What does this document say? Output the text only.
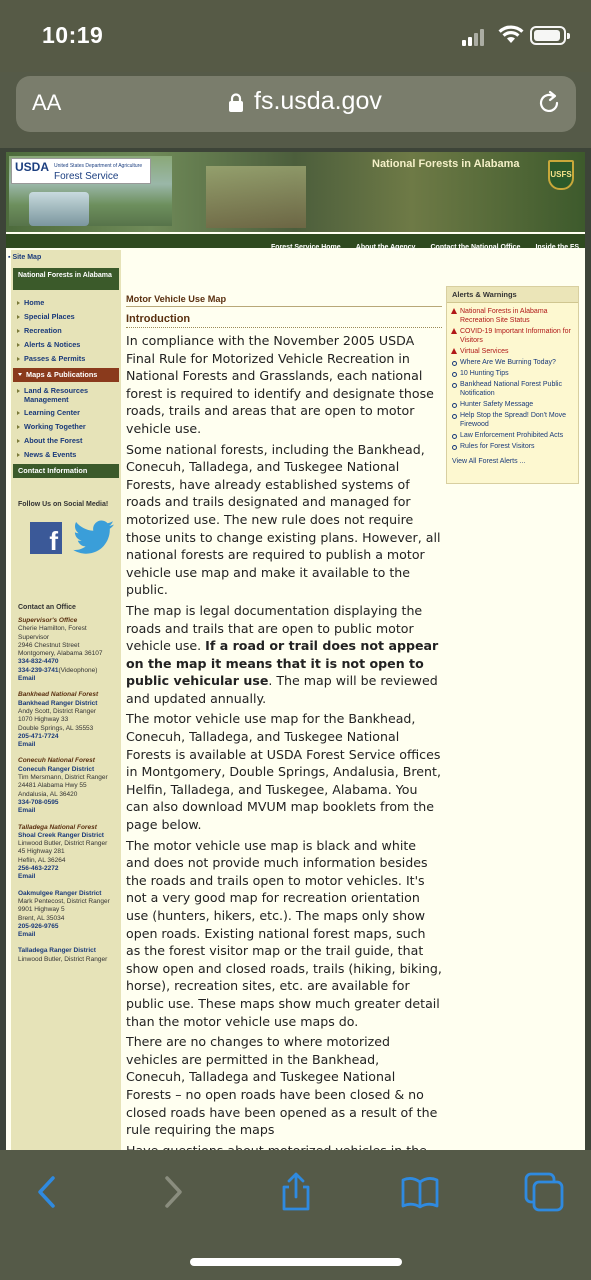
10:19
AA	fs.usda.gov
USDA United States Department of Agriculture
Forest Service
National Forests in Alabama
USFS
Forest Service Home About the Agency Contact the National Office Inside the FS
▪ Site Map
National Forests in Alabama
Home
Special Places
Recreation
Alerts & Notices
Passes & Permits
Maps & Publications
Land & Resources Management
Learning Center
Working Together
About the Forest
News & Events
Contact Information
Follow Us on Social Media!
f
Contact an Office
Supervisor's Office
Cherie Hamilton, Forest Supervisor
2946 Chestnut Street
Montgomery, Alabama 36107
334-832-4470
334-239-3741(Videophone)
Email
Bankhead National Forest
Bankhead Ranger District
Andy Scott, District Ranger
1070 Highway 33
Double Springs, AL 35553
205-471-7724
Email
Conecuh National Forest
Conecuh Ranger District
Tim Mersmann, District Ranger
24481 Alabama Hwy 55
Andalusia, AL 36420
334-708-0595
Email
Talladega National Forest
Shoal Creek Ranger District
Linwood Butler, District Ranger
45 Highway 281
Heflin, AL 36264
256-463-2272
Email
Oakmulgee Ranger District
Mark Pentecost, District Ranger
9901 Highway 5
Brent, AL 35034
205-926-9765
Email
Talladega Ranger District
Linwood Butler, District Ranger
Motor Vehicle Use Map
Introduction

In compliance with the November 2005 USDA Final Rule for Motorized Vehicle Recreation in National Forests and Grasslands, each national forest is required to identify and designate those roads, trails and areas that are open to motor vehicle use.

Some national forests, including the Bankhead, Conecuh, Talladega, and Tuskegee National Forests, have already established systems of roads and trails designated and managed for motorized use. The new rule does not require those units to change existing plans. However, all national forests are required to publish a motor vehicle use map and make it available to the public.

The map is legal documentation displaying the roads and trails that are open to public motor vehicle use. If a road or trail does not appear on the map it means that it is not open to public vehicular use. The map will be reviewed and updated annually.

The motor vehicle use map for the Bankhead, Conecuh, Talladega, and Tuskegee National Forests is available at USDA Forest Service offices in Montgomery, Double Springs, Andalusia, Brent, Helfin, Talladega, and Tuskegee, Alabama. You can also download MVUM map booklets from the page below.

The motor vehicle use map is black and white and does not provide much information besides the roads and trails open to motor vehicles. It's not a very good map for recreation orientation use (hunters, hikers, etc.). The maps only show open roads. Existing national forest maps, such as the forest visitor map or the trail guide, that show open and closed roads, trails (hiking, biking, horse), recreation sites, etc. are available for public use. These maps show much greater detail than the motor vehicle use maps do.

There are no changes to where motorized vehicles are permitted in the Bankhead, Conecuh, Talladega and Tuskegee National Forests – no open roads have been closed & no closed roads have been opened as a result of the rule requiring the maps

Alerts & Warnings
National Forests in Alabama Recreation Site Status
COVID-19 Important Information for Visitors
Virtual Services
Where Are We Burning Today?
10 Hunting Tips
Bankhead National Forest Public Notification
Hunter Safety Message
Help Stop the Spread! Don't Move Firewood
Law Enforcement Prohibited Acts
Rules for Forest Visitors
View All Forest Alerts ...
